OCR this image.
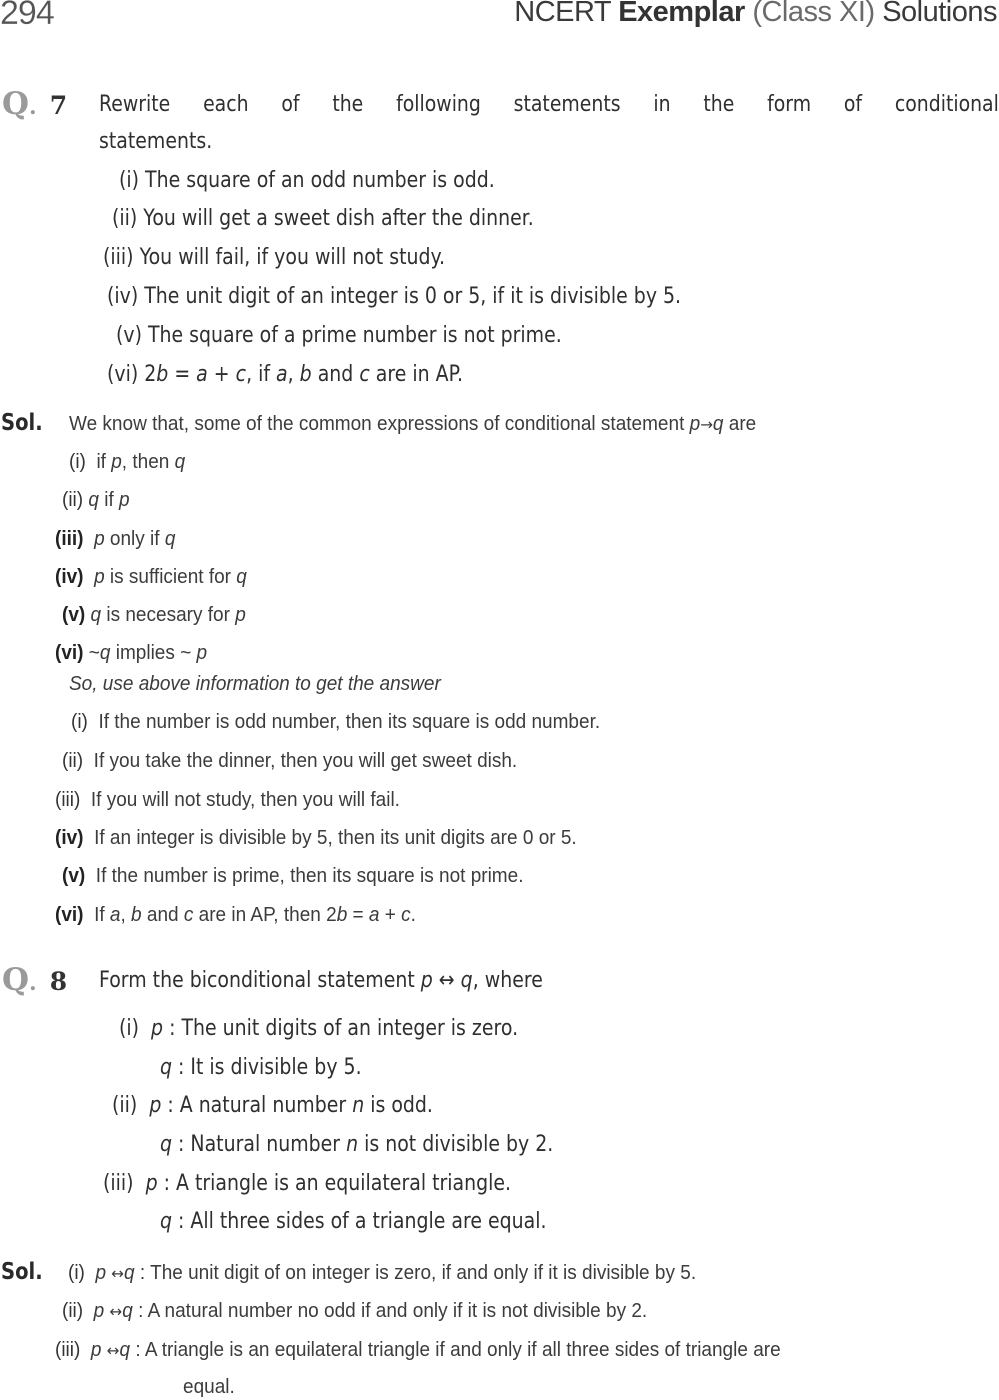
294	NCERT Exemplar (Class XI) Solutions
Q. 7 Rewrite each of the following statements in the form of conditional
statements.
(i) The square of an odd number is odd.
(ii) You will get a sweet dish after the dinner.
(iii) You will fail, if you will not study.
(iv) The unit digit of an integer is 0 or 5, if it is divisible by 5.
(v) The square of a prime number is not prime.
(vi) 2b = a + c, if a, b and c are in AP.
Sol. We know that, some of the common expressions of conditional statement p→q are
(i) if p, then q
(ii) q if p
(iii) p only if q
(iv) p is sufficient for q
(v) q is necesary for p
(vi) ~q implies ~ p
So, use above information to get the answer
(i) If the number is odd number, then its square is odd number.
(ii) If you take the dinner, then you will get sweet dish.
(iii) If you will not study, then you will fail.
(iv) If an integer is divisible by 5, then its unit digits are 0 or 5.
(v) If the number is prime, then its square is not prime.
(vi) If a, b and c are in AP, then 2b = a + c.
Q. 8 Form the biconditional statement p ↔ q, where
(i) p : The unit digits of an integer is zero.
q : It is divisible by 5.
(ii) p : A natural number n is odd.
q : Natural number n is not divisible by 2.
(iii) p : A triangle is an equilateral triangle.
q : All three sides of a triangle are equal.
Sol. (i) p ↔q : The unit digit of on integer is zero, if and only if it is divisible by 5.
(ii) p ↔q : A natural number no odd if and only if it is not divisible by 2.
(iii) p ↔q : A triangle is an equilateral triangle if and only if all three sides of triangle are
equal.
